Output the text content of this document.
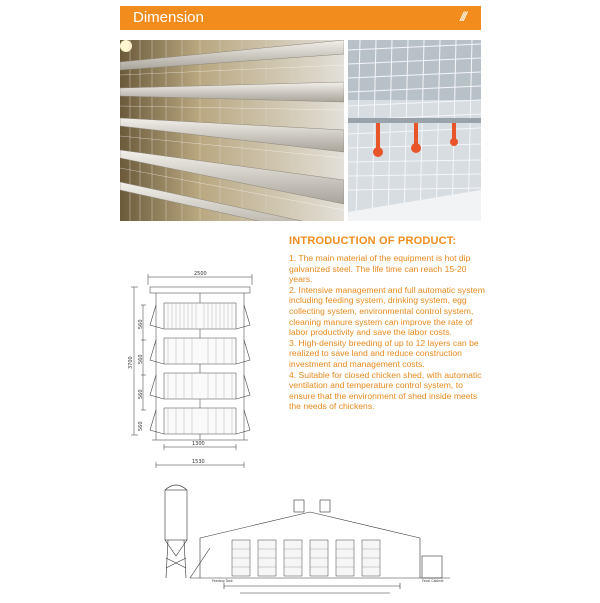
Dimension	///
2500
3700
560
560
560
560
1300
1530
INTRODUCTION OF PRODUCT:
1. The main material of the equipment is hot dip galvanized steel. The life time can reach 15-20 years.
2. Intensive management and full automatic system including feeding system, drinking system, egg collecting system, environmental control system, cleaning manure system can improve the rate of labor productivity and save the labor costs.
3. High-density breeding of up to 12 layers can be realized to save land and reduce construction investment and management costs.
4. Suitable for closed chicken shed, with automatic ventilation and temperature control system, to ensure that the environment of shed inside meets the needs of chickens.
Feeding Tank	Fecal Cabinet
